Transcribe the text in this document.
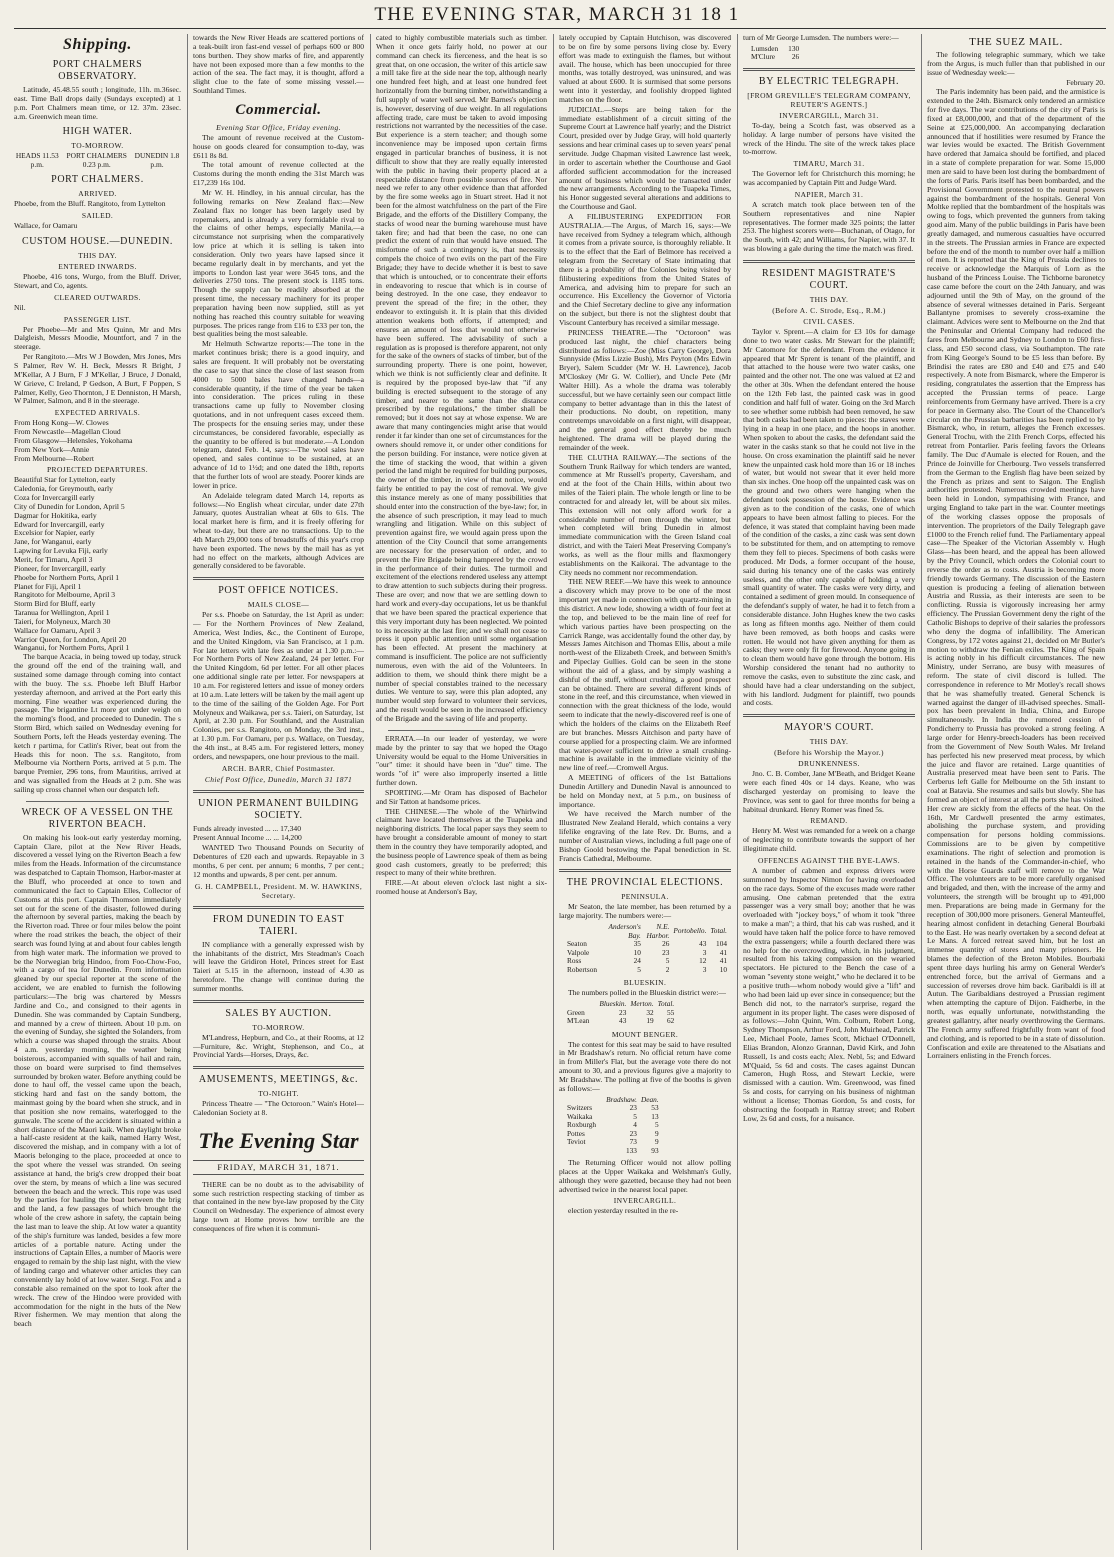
THE EVENING STAR, MARCH 31 18 1
Shipping.
PORT CHALMERS OBSERVATORY.

Latitude, 45.48.55 south ; longitude, 11h. m.36sec. east. Time Ball drops daily (Sundays excepted) at 1 p.m. Port Chalmers mean time, or 12. 37m. 23sec. a.m. Greenwich mean time.

HIGH WATER.
TO-MORROW.
HEADS 11.53 p.m.
PORT CHALMERS 0.23 p.m.
DUNEDIN 1.8 p.m.
PORT CHALMERS.
ARRIVED.

Phoebe, from the Bluff. Rangitoto, from Lyttelton

SAILED.

Wallace, for Oamaru

CUSTOM HOUSE.—DUNEDIN.
THIS DAY.
ENTERED INWARDS.

Phoebe, 416 tons, Wurgo, from the Bluff. Driver, Stewart, and Co, agents.

CLEARED OUTWARDS.

Nil.

PASSENGER LIST.

Per Phoebe—Mr and Mrs Quinn, Mr and Mrs Dalgleish, Messrs Moodie, Mountfort, and 7 in the steerage.

Per Rangitoto.—Mrs W J Bowden, Mrs Jones, Mrs S Palmer, Rev W. H. Beck, Messrs R Bright, J M'Kellar, A J Burn, F J M'Kellar, J Bruce, J Donald, W Grieve, C Ireland, P Gedson, A Burt, F Poppen, S Palmer, Kelly, Geo Thornton, J E Denniston, H Marsh, W Palmer, Salmon, and 8 in the steerage.

EXPECTED ARRIVALS.
From Hong Kong—W. Clowes
From Newcastle—Magellan Cloud
From Glasgow—Helensles, Yokohama
From New York—Annie
From Melbourne—Robert
PROJECTED DEPARTURES.
Beautiful Star for Lyttelton, early
Caledonia, for Greymouth, early
Coza for Invercargill early
City of Dunedin for London, April 5
Dagmar for Hokitika, early
Edward for Invercargill, early
Excelsior for Napier, early
Jane, for Wanganui, early
Lapwing for Levuka Fiji, early
Merit, for Timaru, April 3
Pioneer, for Invercargill, early
Phoebe for Northern Ports, April 1
Planet for Fiji, April 1
Rangitoto for Melbourne, April 3
Storm Bird for Bluff, early
Taranua for Wellington, April 1
Taieri, for Molyneux, March 30
Wallace for Oamaru, April 3
Warrior Queen, for London, April 20
Wanganui, for Northern Ports, April 1

The barque Acacia, in being towed up today, struck the ground off the end of the training wall, and sustained some damage through coming into contact with the buoy. The s.s. Phoebe left Bluff Harbor yesterday afternoon, and arrived at the Port early this morning. Fine weather was experienced during the passage. The brigantine Lt more got under weigh on the morning's flood, and proceeded to Dunedin. The s Storm Bird, which sailed on Wednesday evening for Southern Ports, left the Heads yesterday evening. The ketch r partima, for Catlin's River, beat out from the Heads this for noon. The s.s. Rangitoto, from Melbourne via Northern Ports, arrived at 5 p.m. The barque Premier, 296 tons, from Mauritius, arrived at and was signalled from the Heads at 2 p.m. She was sailing up cross channel when our despatch left.

WRECK OF A VESSEL ON THE RIVERTON BEACH.

On making his look-out early yesterday morning, Captain Clare, pilot at the New River Heads, discovered a vessel lying on the Riverton Beach a few miles from the Heads. Information of the circumstance was despatched to Captain Thomson, Harbor-master at the Bluff, who proceeded at once to town and communicated the fact to Captain Elles, Collector of Customs at this port. Captain Thomson immediately set out for the scene of the disaster, followed during the afternoon by several parties, making the beach by the Riverton road. Three or four miles below the point where the road strikes the beach, the object of their search was found lying at and about four cables length from high water mark. The information we proved to be the Norwegian brig Hindoo, from Foo-Chow-Foo, with a cargo of tea for Dunedin. From information gleaned by our special reporter at the scene of the accident, we are enabled to furnish the following particulars:—The brig was chartered by Messrs Jardine and Co., and consigned to their agents in Dunedin. She was commanded by Captain Sundberg, and manned by a crew of thirteen. About 10 p.m. on the evening of Sunday, she sighted the Solanders, from which a course was shaped through the straits. About 4 a.m. yesterday morning, the weather being boisterous, accompanied with squalls of hail and rain, those on board were surprised to find themselves surrounded by broken water. Before anything could be done to haul off, the vessel came upon the beach, sticking hard and fast on the sandy bottom, the mainmast going by the board when she struck, and in that position she now remains, waterlogged to the gunwale. The scene of the accident is situated within a short distance of the Maori kaik. When daylight broke a half-caste resident at the kaik, named Harry West, discovered the mishap, and in company with a lot of Maoris belonging to the place, proceeded at once to the spot where the vessel was stranded. On seeing assistance at hand, the brig's crew dropped their boat over the stern, by means of which a line was secured between the beach and the wreck. This rope was used by the parties for hauling the boat between the brig and the land, a few passages of which brought the whole of the crew ashore in safety, the captain being the last man to leave the ship. At low water a quantity of the ship's furniture was landed, besides a few more articles of a portable nature. Acting under the instructions of Captain Elles, a number of Maoris were engaged to remain by the ship last night, with the view of landing cargo and whatever other articles they can conveniently lay hold of at low water. Sergt. Fox and a constable also remained on the spot to look after the wreck. The crew of the Hindoo were provided with accommodation for the night in the huts of the New River fishermen. We may mention that along the beach

towards the New River Heads are scattered portions of a teak-built iron fast-end vessel of perhaps 600 or 800 tons burthen. They show marks of fire, and apparently have not been exposed more than a few months to the action of the sea. The fact may, it is thought, afford a slight clue to the fate of some missing vessel.—Southland Times.

Commercial.
Evening Star Office, Friday evening.

The amount of revenue received at the Custom-house on goods cleared for consumption to-day, was £611 8s 8d.

The total amount of revenue collected at the Customs during the month ending the 31st March was £17,239 16s 10d.

Mr W. H. Hindley, in his annual circular, has the following remarks on New Zealand flax:—New Zealand flax no longer has been largely used by ropemakers, and is already a very formidable rival to the claims of other hemps, especially Manila,—a circumstance not surprising when the comparatively low price at which it is selling is taken into consideration. Only two years have lapsed since it became regularly dealt in by merchants, and yet the imports to London last year were 3645 tons, and the deliveries 2750 tons. The present stock is 1185 tons. Though the supply can be readily absorbed at the present time, the necessary machinery for its proper preparation having been now supplied, still as yet nothing has reached this country suitable for weaving purposes. The prices range from £16 to £33 per ton, the best qualities being the most saleable.

Mr Helmuth Schwartze reports:—The tone in the market continues brisk; there is a good inquiry, and sales are frequent. It will probably not be overstating the case to say that since the close of last season from 4000 to 5000 bales have changed hands—a considerable quantity, if the time of the year be taken into consideration. The prices ruling in these transactions came up fully to November closing quotations, and in not unfrequent cases exceed them. The prospects for the ensuing series may, under these circumstances, be considered favorable, especially as the quantity to be offered is but moderate.—A London telegram, dated Feb. 14, says:—The wool sales have opened, and sales continue to be sustained, at an advance of 1d to 1½d; and one dated the 18th, reports that the further lots of wool are steady. Poorer kinds are lower in price.

An Adelaide telegram dated March 14, reports as follows:—No English wheat circular, under date 27th January, quotes Australian wheat at 60s to 61s. The local market here is firm, and it is freely offering for wheat to-day, but there are no transactions. Up to the 4th March 29,000 tons of breadstuffs of this year's crop have been exported. The news by the mail has as yet had no effect on the markets, although Advices are generally considered to be favorable.

POST OFFICE NOTICES.
MAILS CLOSE—

Per s.s. Phoebe on Saturday, the 1st April as under:— For the Northern Provinces of New Zealand, America, West Indies, &c., the Continent of Europe, and the United Kingdom, via San Francisco, at 1 p.m. For late letters with late fees as under at 1.30 p.m.:— For Northern Ports of New Zealand, 24 per letter. For the United Kingdom, 6d per letter. For all other places one additional single rate per letter. For newspapers at 10 a.m. For registered letters and issue of money orders at 10 a.m. Late letters will be taken by the mail agent up to the time of the sailing of the Golden Age. For Port Molyneux and Waikawa, per s.s. Taieri, on Saturday, 1st April, at 2.30 p.m. For Southland, and the Australian Colonies, per s.s. Rangitoto, on Monday, the 3rd inst., at 1.30 p.m. For Oamaru, per p.s. Wallace, on Tuesday, the 4th inst., at 8.45 a.m. For registered letters, money orders, and newspapers, one hour previous to the mail.

ARCH. BARR, Chief Postmaster.
Chief Post Office, Dunedin, March 31 1871
UNION PERMANENT BUILDING SOCIETY.

Funds already invested ... ... 17,340

Present Annual Income ... ... 14,200

WANTED Two Thousand Pounds on Security of Debentures of £20 each and upwards. Repayable in 3 months, 6 per cent. per annum; 6 months, 7 per cent.; 12 months and upwards, 8 per cent. per annum.

G. H. CAMPBELL, President. M. W. HAWKINS, Secretary.
FROM DUNEDIN TO EAST TAIERI.

IN compliance with a generally expressed wish by the inhabitants of the district, Mrs Steadman's Coach will leave the Gridiron Hotel, Princes street for East Taieri at 5.15 in the afternoon, instead of 4.30 as heretofore. The change will continue during the summer months.

SALES BY AUCTION.
TO-MORROW.

M'Landress, Hepburn, and Co., at their Rooms, at 12—Furniture, &c. Wright, Stephenson, and Co., at Provincial Yards—Horses, Drays, &c.

AMUSEMENTS, MEETINGS, &c.
TO-NIGHT.

Princess Theatre — "The Octoroon." Wain's Hotel—Caledonian Society at 8.

The Evening Star
FRIDAY, MARCH 31, 1871.

THERE can be no doubt as to the advisability of some such restriction respecting stacking of timber as that contained in the new bye-law proposed by the City Council on Wednesday. The experience of almost every large town at Home proves how terrible are the consequences of fire when it is communi-

cated to highly combustible materials such as timber. When it once gets fairly hold, no power at our command can check its fierceness, and the heat is so great that, on one occasion, the writer of this article saw a mill take fire at the side near the top, although nearly one hundred feet high, and at least one hundred feet horizontally from the burning timber, notwithstanding a full supply of water well served. Mr Barnes's objection is, however, deserving of due weight. In all regulations affecting trade, care must be taken to avoid imposing restrictions not warranted by the necessities of the case. But experience is a stern teacher; and though some inconvenience may be imposed upon certain firms engaged in particular branches of business, it is not difficult to show that they are really equally interested with the public in having their property placed at a respectable distance from possible sources of fire. Nor need we refer to any other evidence than that afforded by the fire some weeks ago in Stuart street. Had it not been for the almost watchfulness on the part of the Fire Brigade, and the efforts of the Distillery Company, the stacks of wood near the burning warehouse must have taken fire; and had that been the case, no one can predict the extent of ruin that would have ensued. The misfortune of such a contingency is, that necessity compels the choice of two evils on the part of the Fire Brigade; they have to decide whether it is best to save that which is untouched, or to concentrate their efforts in endeavoring to rescue that which is in course of being destroyed. In the one case, they endeavor to prevent the spread of the fire; in the other, they endeavor to extinguish it. It is plain that this divided attention weakens both efforts, if attempted; and ensures an amount of loss that would not otherwise have been suffered. The advisability of such a regulation as is proposed is therefore apparent, not only for the sake of the owners of stacks of timber, but of the surrounding property. There is one point, however, which we think is not sufficiently clear and definite. It is required by the proposed bye-law that "if any building is erected subsequent to the storage of any timber, and nearer to the same than the distance prescribed by the regulations," the timber shall be removed; but it does not say at whose expense. We are aware that many contingencies might arise that would render it far kinder than one set of circumstances for the owners should remove it, or under other conditions for the person building. For instance, were notice given at the time of stacking the wood, that within a given period the land might be required for building purposes, the owner of the timber, in view of that notice, would fairly be entitled to pay the cost of removal. We give this instance merely as one of many possibilities that should enter into the construction of the bye-law; for, in the absence of such prescription, it may lead to much wrangling and litigation. While on this subject of prevention against fire, we would again press upon the attention of the City Council that some arrangements are necessary for the preservation of order, and to prevent the Fire Brigade being hampered by the crowd in the performance of their duties. The turmoil and excitement of the elections rendered useless any attempt to draw attention to such subjects during their progress. These are over; and now that we are settling down to hard work and every-day occupations, let us be thankful that we have been spared the practical experience that this very important duty has been neglected. We pointed to its necessity at the last fire; and we shall not cease to press it upon public attention until some organisation has been effected. At present the machinery at command is insufficient. The police are not sufficiently numerous, even with the aid of the Volunteers. In addition to them, we should think there might be a number of special constables trained to the necessary duties. We venture to say, were this plan adopted, any number would step forward to volunteer their services, and the result would be seen in the increased efficiency of the Brigade and the saving of life and property.

ERRATA.—In our leader of yesterday, we were made by the printer to say that we hoped the Otago University would be equal to the Home Universities in "our" time: it should have been in "due" time. The words "of it" were also improperly inserted a little further down.

SPORTING.—Mr Oram has disposed of Bachelor and Sir Tatton at handsome prices.

THE CHINESE.—The whole of the Whirlwind claimant have located themselves at the Tuapeka and neighboring districts. The local paper says they seem to have brought a considerable amount of money to start them in the country they have temporarily adopted, and the business people of Lawrence speak of them as being good cash customers, greatly to be preferred; this respect to many of their white brethren.

FIRE.—At about eleven o'clock last night a six-roomed house at Anderson's Bay,

lately occupied by Captain Hutchison, was discovered to be on fire by some persons living close by. Every effort was made to extinguish the flames, but without avail. The house, which has been unoccupied for three months, was totally destroyed, was uninsured, and was valued at about £600. It is surmised that some persons went into it yesterday, and foolishly dropped lighted matches on the floor.

JUDICIAL.—Steps are being taken for the immediate establishment of a circuit sitting of the Supreme Court at Lawrence half yearly; and the District Court, presided over by Judge Gray, will hold quarterly sessions and hear criminal cases up to seven years' penal servitude. Judge Chapman visited Lawrence last week, in order to ascertain whether the Courthouse and Gaol afforded sufficient accommodation for the increased amount of business which would be transacted under the new arrangements. According to the Tuapeka Times, his Honor suggested several alterations and additions to the Courthouse and Gaol.

A FILIBUSTERING EXPEDITION FOR AUSTRALIA.—The Argus, of March 16, says:—We have received from Sydney a telegram which, although it comes from a private source, is thoroughly reliable. It is to the effect that the Earl of Belmore has received a telegram from the Secretary of State intimating that there is a probability of the Colonies being visited by filibustering expeditions from the United States of America, and advising him to prepare for such an occurrence. His Excellency the Governor of Victoria and the Chief Secretary decline to give any information on the subject, but there is not the slightest doubt that Viscount Canterbury has received a similar message.

PRINCESS THEATRE.—The "Octoroon" was produced last night, the chief characters being distributed as follows:—Zoe (Miss Carry George), Dora Sunnyside (Miss Lizzie Bush), Mrs Peyton (Mrs Edwin Bryer), Salem Scudder (Mr W. H. Lawrence), Jacob M'Closkey (Mr G. W. Collier), and Uncle Pete (Mr Walter Hill). As a whole the drama was tolerably successful, but we have certainly seen our compact little company to better advantage than in this the latest of their productions. No doubt, on repetition, many contretemps unavoidable on a first night, will disappear, and the general good effect thereby be much heightened. The drama will be played during the remainder of the week.

THE CLUTHA RAILWAY.—The sections of the Southern Trunk Railway for which tenders are wanted, commence at Mr Russell's property, Caversham, and end at the foot of the Chain Hills, within about two miles of the Taieri plain. The whole length or line to be contracted for and already let, will be about six miles. This extension will not only afford work for a considerable number of men through the winter, but when completed will bring Dunedin in almost immediate communication with the Green Island coal district, and with the Taieri Meat Preserving Company's works, as well as the flour mills and flaxmongery establishments on the Kaikorai. The advantage to the City needs no comment nor recommendation.

THE NEW REEF.—We have this week to announce a discovery which may prove to be one of the most important yet made in connection with quartz-mining in this district. A new lode, showing a width of four feet at the top, and believed to be the main line of reef for which various parties have been prospecting on the Carrick Range, was accidentally found the other day, by Messrs James Aitchison and Thomas Ellis, about a mile north-west of the Elizabeth Creek, and between Smith's and Pipeclay Gullies. Gold can be seen in the stone without the aid of a glass, and by simply washing a dishful of the stuff, without crushing, a good prospect can be obtained. There are several different kinds of stone in the reef, and this circumstance, when viewed in connection with the great thickness of the lode, would seem to indicate that the newly-discovered reef is one of which the holders of the claims on the Elizabeth Reef are but branches. Messrs Aitchison and party have of course applied for a prospecting claim. We are informed that water-power sufficient to drive a small crushing-machine is available in the immediate vicinity of the new line of reef.—Cromwell Argus.

A MEETING of officers of the 1st Battalions Dunedin Artillery and Dunedin Naval is announced to be held on Monday next, at 5 p.m., on business of importance.

We have received the March number of the Illustrated New Zealand Herald, which contains a very lifelike engraving of the late Rev. Dr. Burns, and a number of Australian views, including a full page one of Bishop Goold bestowing the Papal benediction in St. Francis Cathedral, Melbourne.

THE PROVINCIAL ELECTIONS.
PENINSULA.

Mr Seaton, the late member, has been returned by a large majority. The numbers were:—

	Anderson's Bay.	N.E. Harbor.	Portobello.	Total.
Seaton	35	26	43	104
Valpole	10	23	3	41
Ross	24	5	12	41
Robertson	5	2	3	10
BLUESKIN.

The numbers polled in the Blueskin district were:—

	Blueskin.	Merton.	Total.
Green	23	32	55
M'Lean	43	19	62
MOUNT BENGER.

The contest for this seat may be said to have resulted in Mr Bradshaw's return. No official return have come in from Miller's Flat, but the average vote there do not amount to 30, and a previous figures give a majority to Mr Bradshaw. The polling at five of the booths is given as follows:—

	Bradshaw.	Dean.
Switzers	23	53
Waikaka	5	13
Roxburgh	4	5
Pottes	23	9
Teviot	73	9
	133	93

The Returning Officer would not allow polling places at the Upper Waikaka and Welshman's Gully, although they were gazetted, because they had not been advertised twice in the nearest local paper.

INVERCARGILL.

election yesterday resulted in the re-

turn of Mr George Lumsden. The numbers were:—

Lumsden	130
M'Clure	26
BY ELECTRIC TELEGRAPH.
[FROM GREVILLE'S TELEGRAM COMPANY, REUTER'S AGENTS.]
INVERCARGILL, March 31.

To-day, being a Scotch fast, was observed as a holiday. A large number of persons have visited the wreck of the Hindu. The site of the wreck takes place to-morrow.

TIMARU, March 31.

The Governor left for Christchurch this morning; he was accompanied by Captain Pitt and Judge Ward.

NAPIER, March 31.

A scratch match took place between ten of the Southern representatives and nine Napier representatives. The former made 325 points; the latter 253. The highest scorers were—Buchanan, of Otago, for the South, with 42; and Williams, for Napier, with 37. It was blowing a gale during the time the match was fired.

RESIDENT MAGISTRATE'S COURT.
THIS DAY.
(Before A. C. Strode, Esq., R.M.)
CIVIL CASES.

Taylor v. Sprent.—A claim for £3 10s for damage done to two water casks. Mr Stewart for the plaintiff; Mr Catomore for the defendant. From the evidence it appeared that Mr Sprent is tenant of the plaintiff, and that attached to the house were two water casks, one painted and the other not. The one was valued at £2 and the other at 30s. When the defendant entered the house on the 12th Feb last, the painted cask was in good condition and half full of water. Going on the 3rd March to see whether some rubbish had been removed, he saw that both casks had been taken to pieces: the staves were lying in a heap in one place, and the hoops in another. When spoken to about the casks, the defendant said the water in the casks stank so that he could not live in the house. On cross examination the plaintiff said he never knew the unpainted cask hold more than 16 or 18 inches of water, but would not swear that it ever held more than six inches. One hoop off the unpainted cask was on the ground and two others were hanging when the defendant took possession of the house. Evidence was given as to the condition of the casks, one of which appears to have been almost falling to pieces. For the defence, it was stated that complaint having been made of the condition of the casks, a zinc cask was sent down to be substituted for them, and on attempting to remove them they fell to pieces. Specimens of both casks were produced. Mr Dods, a former occupant of the house, said during his tenancy one of the casks was entirely useless, and the other only capable of holding a very small quantity of water. The casks were very dirty, and contained a sediment of green mould. In consequence of the defendant's supply of water, he had it to fetch from a considerable distance. John Hughes knew the two casks as long as fifteen months ago. Neither of them could have been removed, as both hoops and casks were rotten. He would not have given anything for them as casks; they were only fit for firewood. Anyone going in to clean them would have gone through the bottom. His Worship considered the tenant had no authority to remove the casks, even to substitute the zinc cask, and should have had a clear understanding on the subject, with his landlord. Judgment for plaintiff, two pounds and costs.

MAYOR'S COURT.
THIS DAY.
(Before his Worship the Mayor.)
DRUNKENNESS.

Jno. C. B. Comber, Jane M'Beath, and Bridget Keane were each fined 40s or 14 days. Keane, who was discharged yesterday on promising to leave the Province, was sent to gaol for three months for being a habitual drunkard. Henry Romer was fined 5s.

REMAND.

Henry M. West was remanded for a week on a charge of neglecting to contribute towards the support of her illegitimate child.

OFFENCES AGAINST THE BYE-LAWS.

A number of cabmen and express drivers were summoned by Inspector Nimon for having overloaded on the race days. Some of the excuses made were rather amusing. One cabman pretended that the extra passenger was a very small boy; another that he was overloaded with "jockey boys," of whom it took "three to make a man"; a third, that his cab was rushed, and it would have taken half the police force to have removed the extra passengers; while a fourth declared there was no help for the overcrowding, which, in his judgment, resulted from his taking compassion on the wearied spectators. He pictured to the Bench the case of a woman "seventy stone weight," who he declared it to be a positive truth—whom nobody would give a "lift" and who had been laid up ever since in consequence; but the Bench did not, to the narrator's surprise, regard the argument in its proper light. The cases were disposed of as follows:—John Quinn, Wm. Colburn, Robert Long, Sydney Thompson, Arthur Ford, John Muirhead, Patrick Lee, Michael Poole, James Scott, Michael O'Donnell, Elias Brandon, Alonzo Grannan, David Kirk, and John Russell, 1s and costs each; Alex. Nebl, 5s; and Edward M'Quaid, 5s 6d and costs. The cases against Duncan Cameron, Hugh Ross, and Stewart Leckie, were dismissed with a caution. Wm. Greenwood, was fined 5s and costs, for carrying on his business of nightman without a license; Thomas Gordon, 5s and costs, for obstructing the footpath in Rattray street; and Robert Low, 2s 6d and costs, for a nuisance.

THE SUEZ MAIL.

The following telegraphic summary, which we take from the Argus, is much fuller than that published in our issue of Wednesday week:—

February 20.

The Paris indemnity has been paid, and the armistice is extended to the 24th. Bismarck only tendered an armistice for five days. The war contributions of the city of Paris is fixed at £8,000,000, and that of the department of the Seine at £25,000,000. An accompanying declaration announced that if hostilities were resumed by France the war levies would be exacted. The British Government have ordered that Jamaica should be fortified, and placed in a state of complete preparation for war. Some 15,000 men are said to have been lost during the bombardment of the forts of Paris. Paris itself has been bombarded, and the Provisional Government protested to the neutral powers against the bombardment of the hospitals. General Von Moltke replied that the bombardment of the hospitals was owing to fogs, which prevented the gunners from taking good aim. Many of the public buildings in Paris have been greatly damaged, and numerous casualties have occurred in the streets. The Prussian armies in France are expected before the end of the month to number over half a million of men. It is reported that the King of Prussia declines to receive or acknowledge the Marquis of Lorn as the husband of the Princess Louise. The Tichborne baronetcy case came before the court on the 24th January, and was adjourned until the 9th of May, on the ground of the absence of several witnesses detained in Paris. Sergeant Ballantyne promises to severely cross-examine the claimant. Advices were sent to Melbourne on the 2nd that the Peninsular and Oriental Company had reduced the fares from Melbourne and Sydney to London to £60 first-class, and £50 second class, via Southampton. The rate from King George's Sound to be £5 less than before. By Brindisi the rates are £80 and £40 and £75 and £40 respectively. A note from Bismarck, where the Emperor is residing, congratulates the assertion that the Empress has accepted the Prussian terms of peace. Large reinforcements from Germany have arrived. There is a cry for peace in Germany also. The Court of the Chancellor's circular on the Prussian barbarities has been replied to by Bismarck, who, in return, alleges the French excesses. General Trochu, with the 21th French Corps, effected his retreat from Pontarlier. Paris feeling favors the Orleans family. The Duc d'Aumale is elected for Rouen, and the Prince de Joinville for Cherbourg. Two vessels transferred from the German to the English flag have been seized by the French as prizes and sent to Saigon. The English authorities protested. Numerous crowded meetings have been held in London, sympathising with France, and urging England to take part in the war. Counter meetings of the working classes oppose the proposals of intervention. The proprietors of the Daily Telegraph gave £1000 to the French relief fund. The Parliamentary appeal case—The Speaker of the Victorian Assembly v. Hugh Glass—has been heard, and the appeal has been allowed by the Privy Council, which orders the Colonial court to reverse the order as to costs. Austria is becoming more friendly towards Germany. The discussion of the Eastern question is producing a feeling of alienation between Austria and Russia, as their interests are seen to be conflicting. Russia is vigorously increasing her army efficiency. The Prussian Government deny the right of the Catholic Bishops to deprive of their salaries the professors who deny the dogma of infallibility. The American Congress, by 172 votes against 21, decided on Mr Butler's motion to withdraw the Fenian exiles. The King of Spain is acting nobly in his difficult circumstances. The new Ministry, under Serrano, are busy with measures of reform. The state of civil discord is lulled. The correspondence in reference to Mr Motley's recall shows that he was shamefully treated. General Schenck is warned against the danger of ill-advised speeches. Small-pox has been prevalent in India, China, and Europe simultaneously. In India the rumored cession of Pondicherry to Prussia has provoked a strong feeling. A large order for Henry-breech-loaders has been received from the Government of New South Wales. Mr Ireland has perfected his new preserved meat process, by which the juice and flavor are retained. Large quantities of Australia preserved meat have been sent to Paris. The Cerberus left Galle for Melbourne on the 5th instant to coal at Batavia. She resumes and sails but slowly. She has formed an object of interest at all the ports she has visited. Her crew are sickly from the effects of the heat. On the 16th, Mr Cardwell presented the army estimates, abolishing the purchase system, and providing compensation for persons holding commissions. Commissions are to be given by competitive examinations. The right of selection and promotion is retained in the hands of the Commander-in-chief, who with the Horse Guards staff will remove to the War Office. The volunteers are to be more carefully organised and brigaded, and then, with the increase of the army and volunteers, the strength will be brought up to 491,000 men. Preparations are being made in Germany for the reception of 300,000 more prisoners. General Manteuffel, hearing almost confident in detaching General Bourbaki to the East. He was nearly overtaken by a second defeat at Le Mans. A forced retreat saved him, but he lost an immense quantity of stores and many prisoners. He blames the defection of the Breton Mobiles. Bourbaki spent three days hurling his army on General Werder's entrenched force, but the arrival of Germans and a succession of reverses drove him back. Garibaldi is ill at Autun. The Garibaldians destroyed a Prussian regiment when attempting the capture of Dijon. Faidherbe, in the north, was equally unfortunate, notwithstanding the greatest gallantry, after nearly overthrowing the Germans. The French army suffered frightfully from want of food and clothing, and is reported to be in a state of dissolution. Confiscation and exile are threatened to the Alsatians and Lorrainers enlisting in the French forces.
